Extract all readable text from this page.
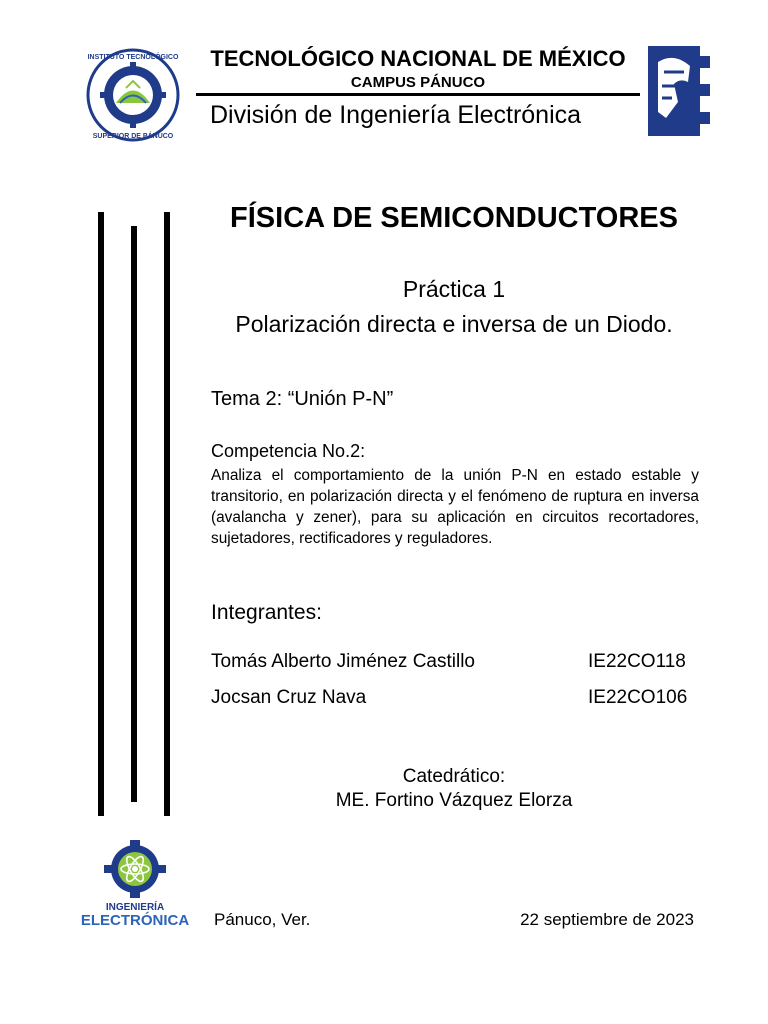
INSTITUTO TECNOLÓGICO
SUPERIOR DE PÁNUCO
TECNOLÓGICO NACIONAL DE MÉXICO
CAMPUS PÁNUCO
División de Ingeniería Electrónica
FÍSICA DE SEMICONDUCTORES
Práctica 1
Polarización directa e inversa de un Diodo.
Tema 2: “Unión P-N”
Competencia No.2:
Analiza el comportamiento de la unión P-N en estado estable y transitorio, en polarización directa y el fenómeno de ruptura en inversa (avalancha y zener), para su aplicación en circuitos recortadores, sujetadores, rectificadores y reguladores.
Integrantes:
Tomás Alberto Jiménez Castillo	IE22CO118
Jocsan Cruz Nava	IE22CO106
Catedrático:
ME. Fortino Vázquez Elorza
INGENIERÍA
ELECTRÓNICA Pánuco, Ver.	22 septiembre de 2023
